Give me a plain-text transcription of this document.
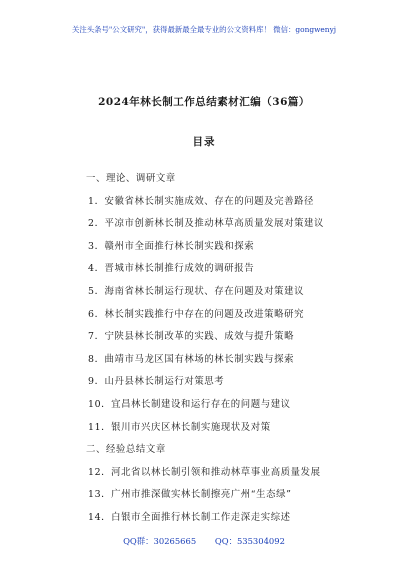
关注头条号"公文研究"，获得最新最全最专业的公文资料库！ 微信：gongwenyj
2024年林长制工作总结素材汇编（36篇）
目录
一、理论、调研文章
1．安徽省林长制实施成效、存在的问题及完善路径
2．平凉市创新林长制及推动林草高质量发展对策建议
3．赣州市全面推行林长制实践和探索
4．晋城市林长制推行成效的调研报告
5．海南省林长制运行现状、存在问题及对策建议
6．林长制实践推行中存在的问题及改进策略研究
7．宁陕县林长制改革的实践、成效与提升策略
8．曲靖市马龙区国有林场的林长制实践与探索
9．山丹县林长制运行对策思考
10．宜昌林长制建设和运行存在的问题与建议
11．银川市兴庆区林长制实施现状及对策
二、经验总结文章
12．河北省以林长制引领和推动林草事业高质量发展
13．广州市推深做实林长制擦亮广州“生态绿”
14．白银市全面推行林长制工作走深走实综述
QQ群：30265665 QQ：535304092
